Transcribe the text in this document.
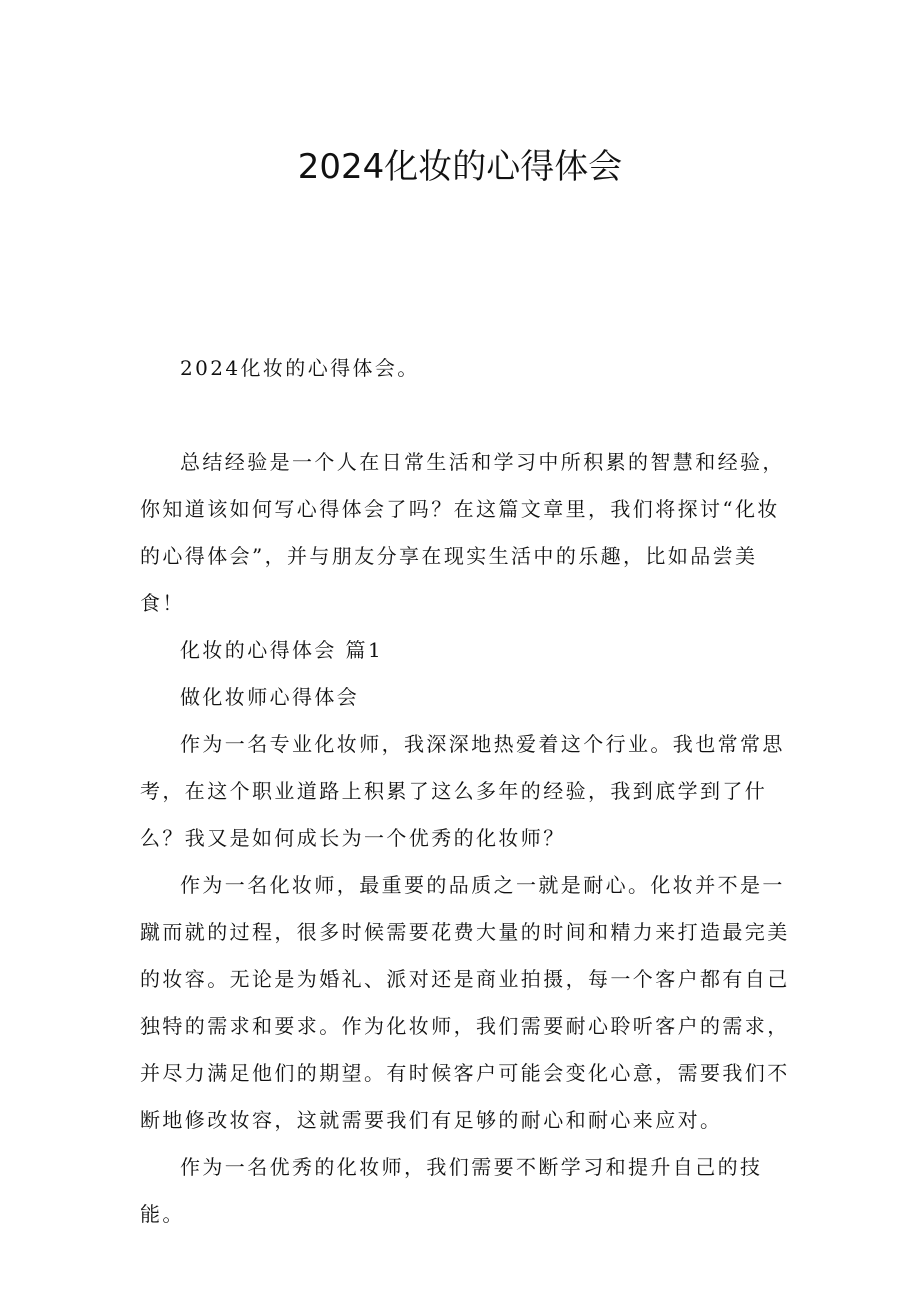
2024化妆的心得体会

2024化妆的心得体会。

总结经验是一个人在日常生活和学习中所积累的智慧和经验，你知道该如何写心得体会了吗？在这篇文章里，我们将探讨“化妆的心得体会”，并与朋友分享在现实生活中的乐趣，比如品尝美食！

化妆的心得体会 篇1

做化妆师心得体会

作为一名专业化妆师，我深深地热爱着这个行业。我也常常思考，在这个职业道路上积累了这么多年的经验，我到底学到了什么？我又是如何成长为一个优秀的化妆师？

作为一名化妆师，最重要的品质之一就是耐心。化妆并不是一蹴而就的过程，很多时候需要花费大量的时间和精力来打造最完美的妆容。无论是为婚礼、派对还是商业拍摄，每一个客户都有自己独特的需求和要求。作为化妆师，我们需要耐心聆听客户的需求，并尽力满足他们的期望。有时候客户可能会变化心意，需要我们不断地修改妆容，这就需要我们有足够的耐心和耐心来应对。

作为一名优秀的化妆师，我们需要不断学习和提升自己的技能。
